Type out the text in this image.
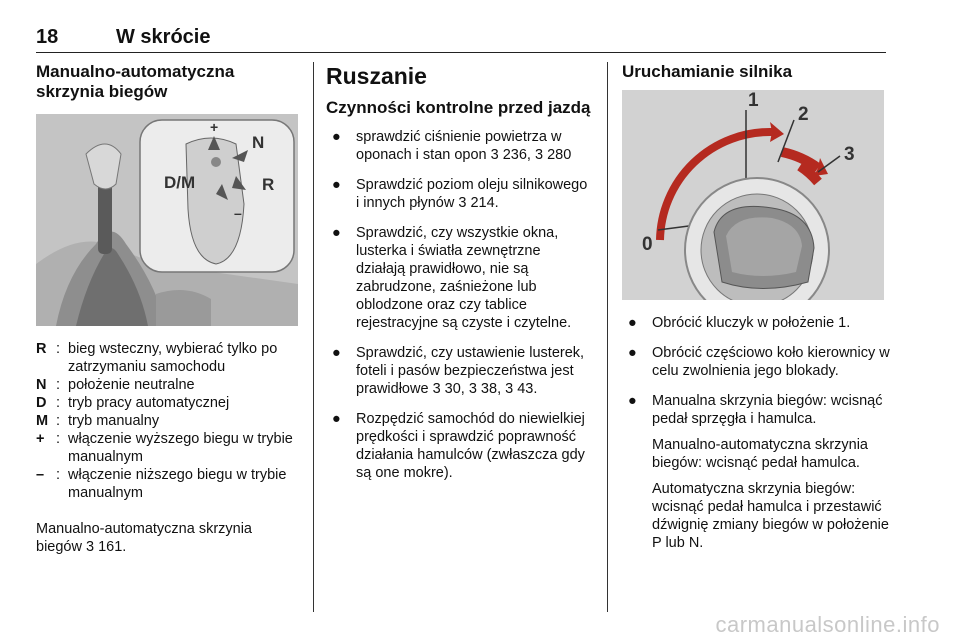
18	W skrócie
Manualno-automatyczna skrzynia biegów
D/M
N
R
+
–
R : bieg wsteczny, wybierać tylko po zatrzymaniu samochodu
N : położenie neutralne
D : tryb pracy automatycznej
M : tryb manualny
+ : włączenie wyższego biegu w trybie manualnym
– : włączenie niższego biegu w trybie manualnym
Manualno-automatyczna skrzynia biegów 3 161.
Ruszanie
Czynności kontrolne przed jazdą
● sprawdzić ciśnienie powietrza w oponach i stan opon 3 236, 3 280
● Sprawdzić poziom oleju silnikowego i innych płynów 3 214.
● Sprawdzić, czy wszystkie okna, lusterka i światła zewnętrzne działają prawidłowo, nie są zabrudzone, zaśnieżone lub oblodzone oraz czy tablice rejestracyjne są czyste i czytelne.
● Sprawdzić, czy ustawienie lusterek, foteli i pasów bezpieczeństwa jest prawidłowe 3 30, 3 38, 3 43.
● Rozpędzić samochód do niewielkiej prędkości i sprawdzić poprawność działania hamulców (zwłaszcza gdy są one mokre).
Uruchamianie silnika
1
2
3
0
● Obrócić kluczyk w położenie 1.
● Obrócić częściowo koło kierownicy w celu zwolnienia jego blokady.
● Manualna skrzynia biegów: wcisnąć pedał sprzęgła i hamulca.
Manualno-automatyczna skrzynia biegów: wcisnąć pedał hamulca.
Automatyczna skrzynia biegów: wcisnąć pedał hamulca i przestawić dźwignię zmiany biegów w położenie P lub N.
carmanualsonline.info
